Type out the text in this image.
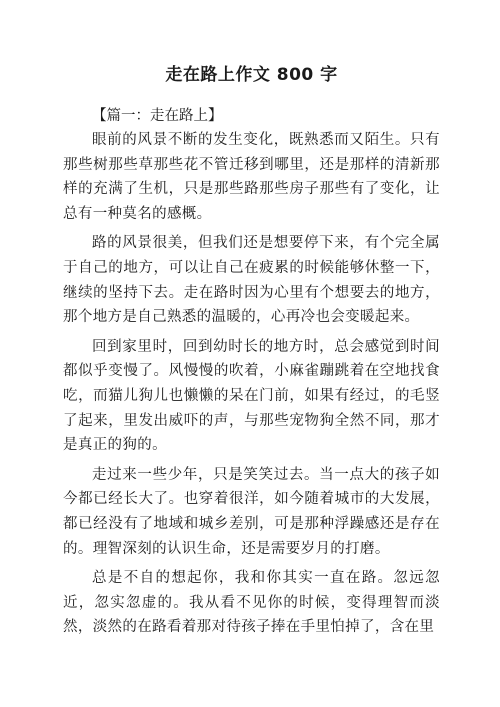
走在路上作文 800 字

【篇一：走在路上】

眼前的风景不断的发生变化，既熟悉而又陌生。只有那些树那些草那些花不管迁移到哪里，还是那样的清新那样的充满了生机，只是那些路那些房子那些有了变化，让总有一种莫名的感概。

路的风景很美，但我们还是想要停下来，有个完全属于自己的地方，可以让自己在疲累的时候能够休整一下，继续的坚持下去。走在路时因为心里有个想要去的地方，那个地方是自己熟悉的温暖的，心再冷也会变暖起来。

回到家里时，回到幼时长的地方时，总会感觉到时间都似乎变慢了。风慢慢的吹着，小麻雀蹦跳着在空地找食吃，而猫儿狗儿也懒懒的呆在门前，如果有经过，的毛竖了起来，里发出威吓的声，与那些宠物狗全然不同，那才是真正的狗的。

走过来一些少年，只是笑笑过去。当一点大的孩子如今都已经长大了。也穿着很洋，如今随着城市的大发展，都已经没有了地域和城乡差别，可是那种浮躁感还是存在的。理智深刻的认识生命，还是需要岁月的打磨。

总是不自的想起你，我和你其实一直在路。忽远忽近，忽实忽虚的。我从看不见你的时候，变得理智而淡然，淡然的在路看着那对待孩子捧在手里怕掉了，含在里
